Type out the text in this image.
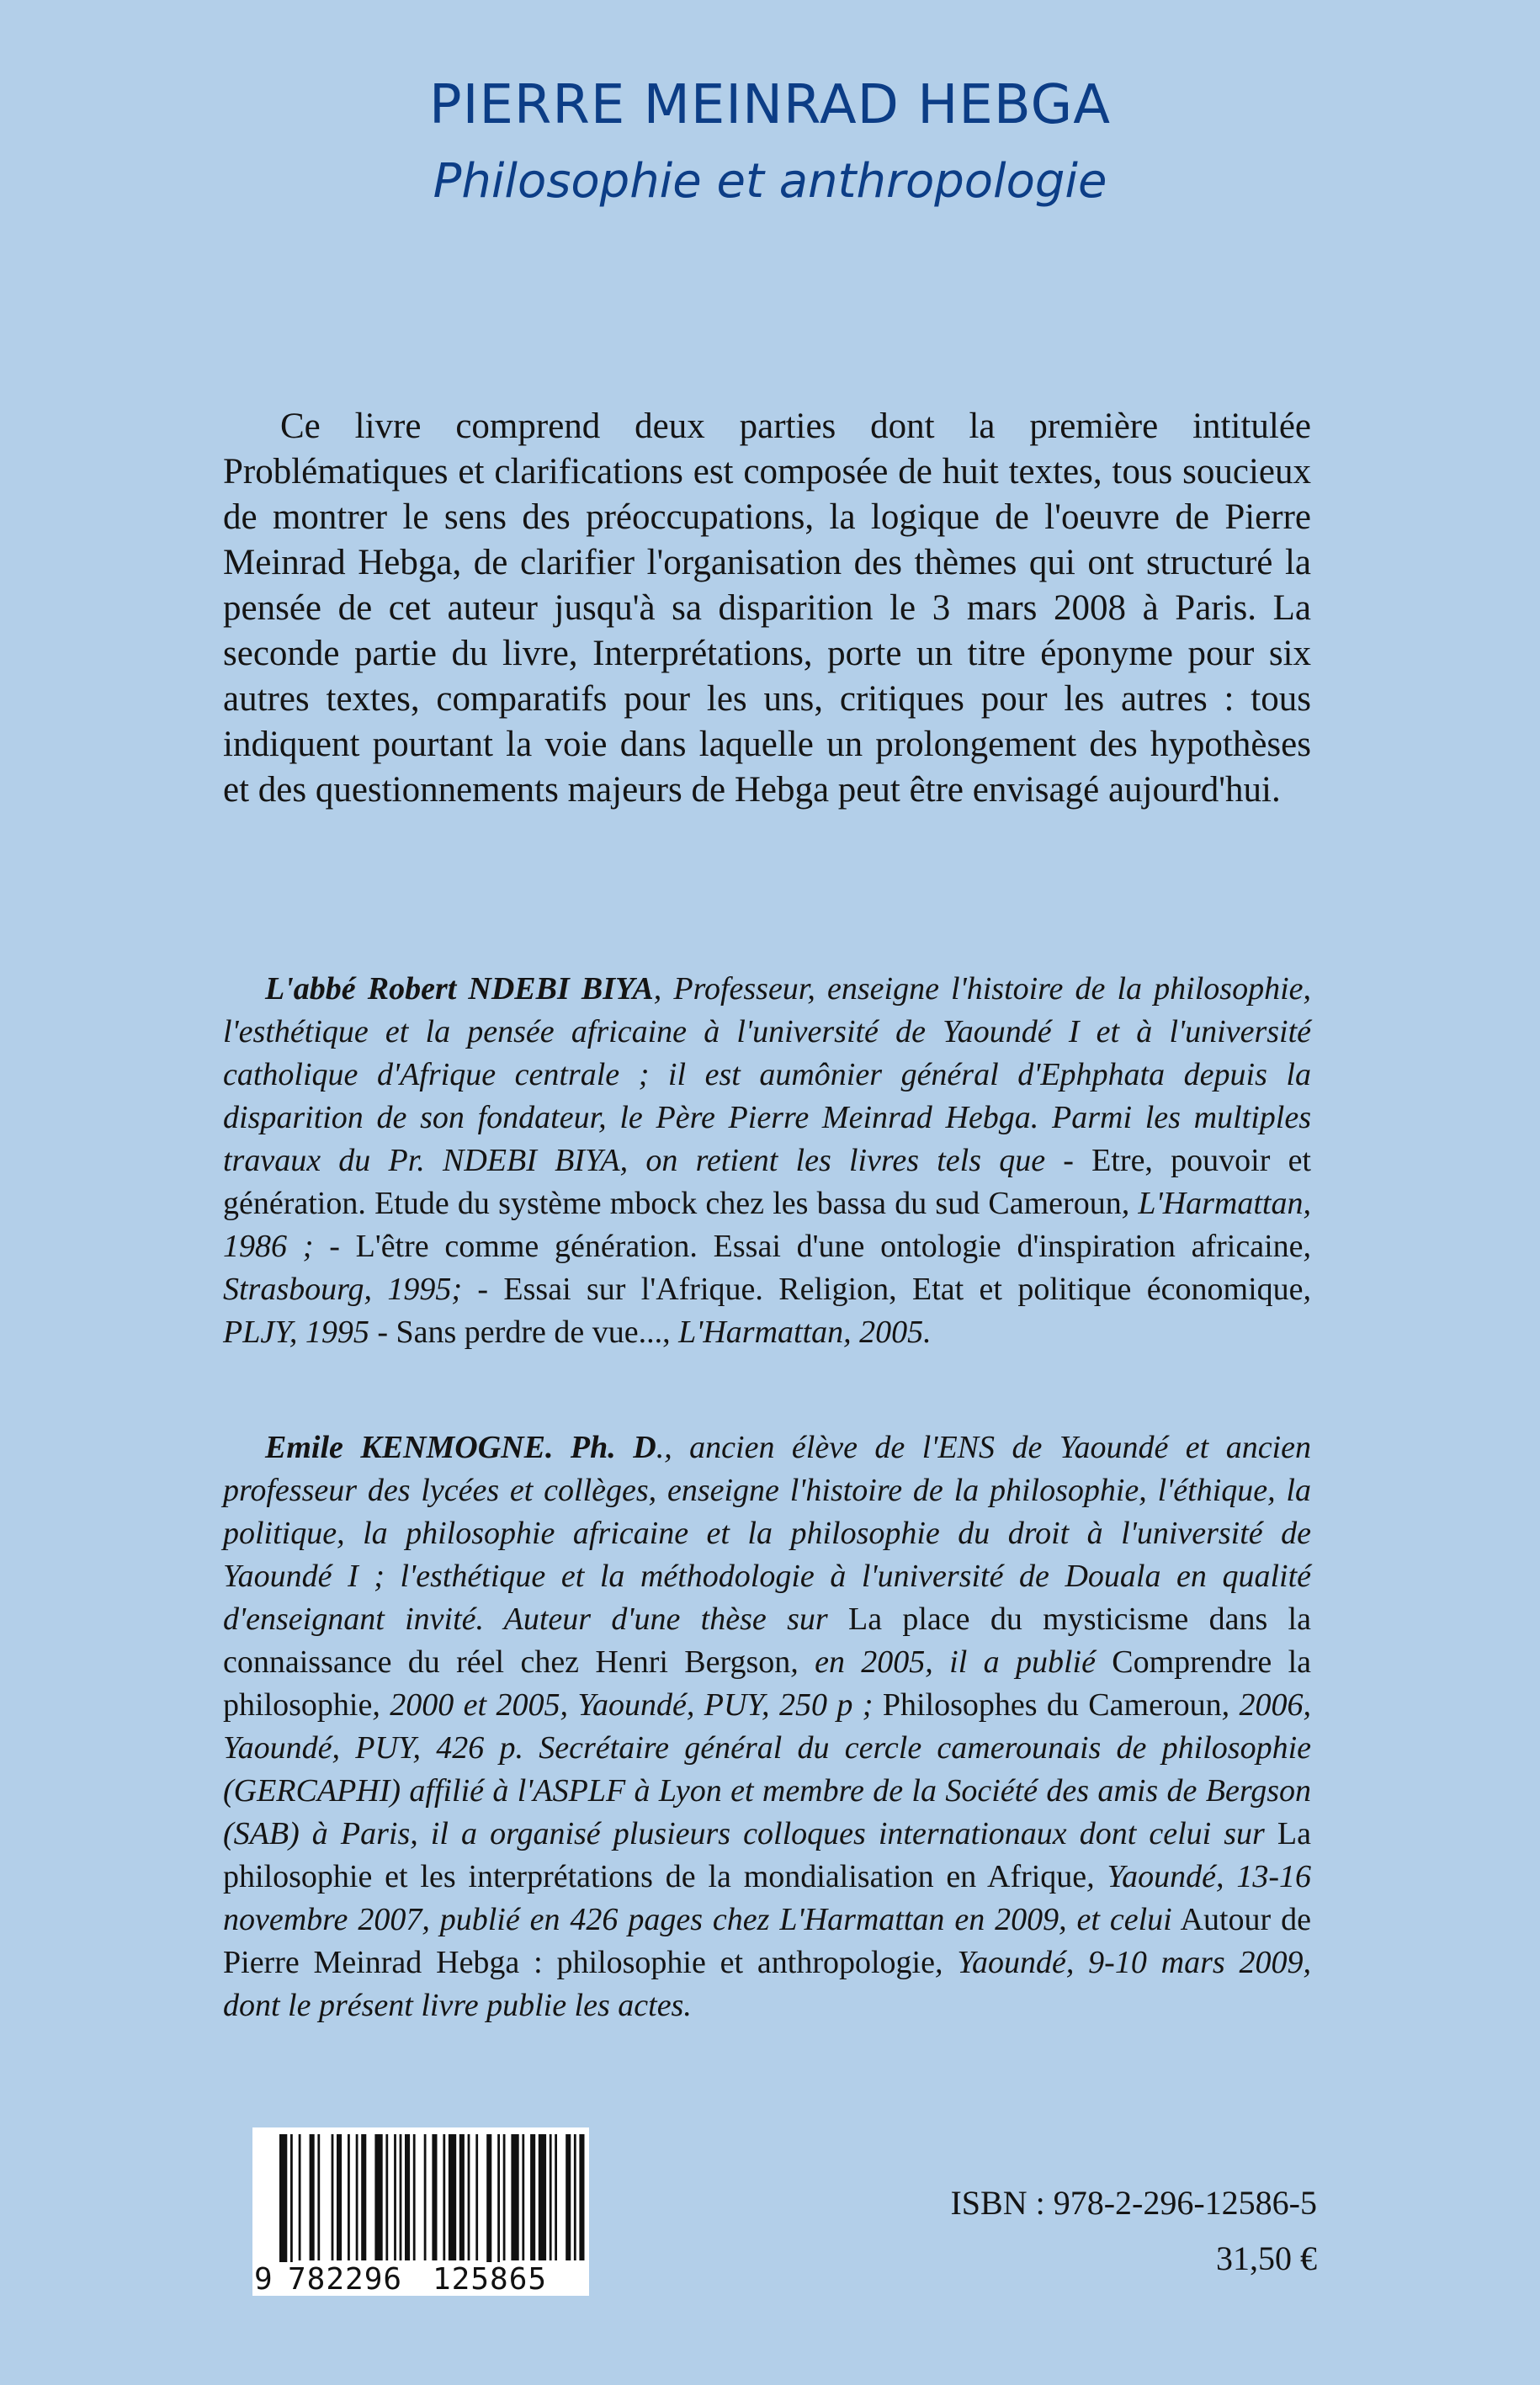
PIERRE MEINRAD HEBGA
Philosophie et anthropologie

Ce livre comprend deux parties dont la première intitulée Problématiques et clarifications est composée de huit textes, tous soucieux de montrer le sens des préoccupations, la logique de l'oeuvre de Pierre Meinrad Hebga, de clarifier l'organisation des thèmes qui ont structuré la pensée de cet auteur jusqu'à sa disparition le 3 mars 2008 à Paris. La seconde partie du livre, Interprétations, porte un titre éponyme pour six autres textes, comparatifs pour les uns, critiques pour les autres : tous indiquent pourtant la voie dans laquelle un prolongement des hypothèses et des questionnements majeurs de Hebga peut être envisagé aujourd'hui.

L'abbé Robert NDEBI BIYA, Professeur, enseigne l'histoire de la philosophie, l'esthétique et la pensée africaine à l'université de Yaoundé I et à l'université catholique d'Afrique centrale ; il est aumônier général d'Ephphata depuis la disparition de son fondateur, le Père Pierre Meinrad Hebga. Parmi les multiples travaux du Pr. NDEBI BIYA, on retient les livres tels que - Etre, pouvoir et génération. Etude du système mbock chez les bassa du sud Cameroun, L'Harmattan, 1986 ; - L'être comme génération. Essai d'une ontologie d'inspiration africaine, Strasbourg, 1995; - Essai sur l'Afrique. Religion, Etat et politique économique, PLJY, 1995 - Sans perdre de vue..., L'Harmattan, 2005.

Emile KENMOGNE. Ph. D., ancien élève de l'ENS de Yaoundé et ancien professeur des lycées et collèges, enseigne l'histoire de la philosophie, l'éthique, la politique, la philosophie africaine et la philosophie du droit à l'université de Yaoundé I ; l'esthétique et la méthodologie à l'université de Douala en qualité d'enseignant invité. Auteur d'une thèse sur La place du mysticisme dans la connaissance du réel chez Henri Bergson, en 2005, il a publié Comprendre la philosophie, 2000 et 2005, Yaoundé, PUY, 250 p ; Philosophes du Cameroun, 2006, Yaoundé, PUY, 426 p. Secrétaire général du cercle camerounais de philosophie (GERCAPHI) affilié à l'ASPLF à Lyon et membre de la Société des amis de Bergson (SAB) à Paris, il a organisé plusieurs colloques internationaux dont celui sur La philosophie et les interprétations de la mondialisation en Afrique, Yaoundé, 13-16 novembre 2007, publié en 426 pages chez L'Harmattan en 2009, et celui Autour de Pierre Meinrad Hebga : philosophie et anthropologie, Yaoundé, 9-10 mars 2009, dont le présent livre publie les actes.

9 782296 125865
ISBN : 978-2-296-12586-5
31,50 €
